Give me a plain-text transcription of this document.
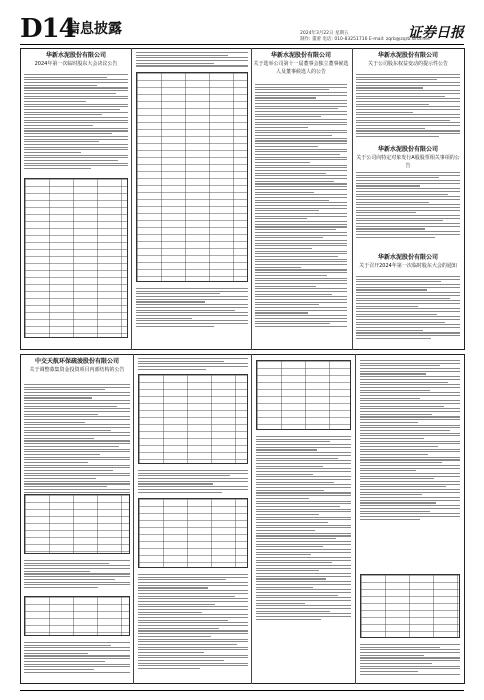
D14
信息披露	2024年3月22日 星期五
制作: 董蕾 电话: 010-83251716 E-mail: zqrb@zqrb.sina.net
证券日报
华新水泥股份有限公司
2024年第一次临时股东大会决议公告
华新水泥股份有限公司
关于选举公司第十一届董事会独立董事候选人及董事候选人的公告
华新水泥股份有限公司
关于公司股东权益变动的提示性公告
华新水泥股份有限公司
关于公司向特定对象发行A股股票相关事项的公告
华新水泥股份有限公司
关于召开2024年第一次临时股东大会的通知
中交天航环保疏浚股份有限公司
关于调整募集资金投资项目内部结构的公告
